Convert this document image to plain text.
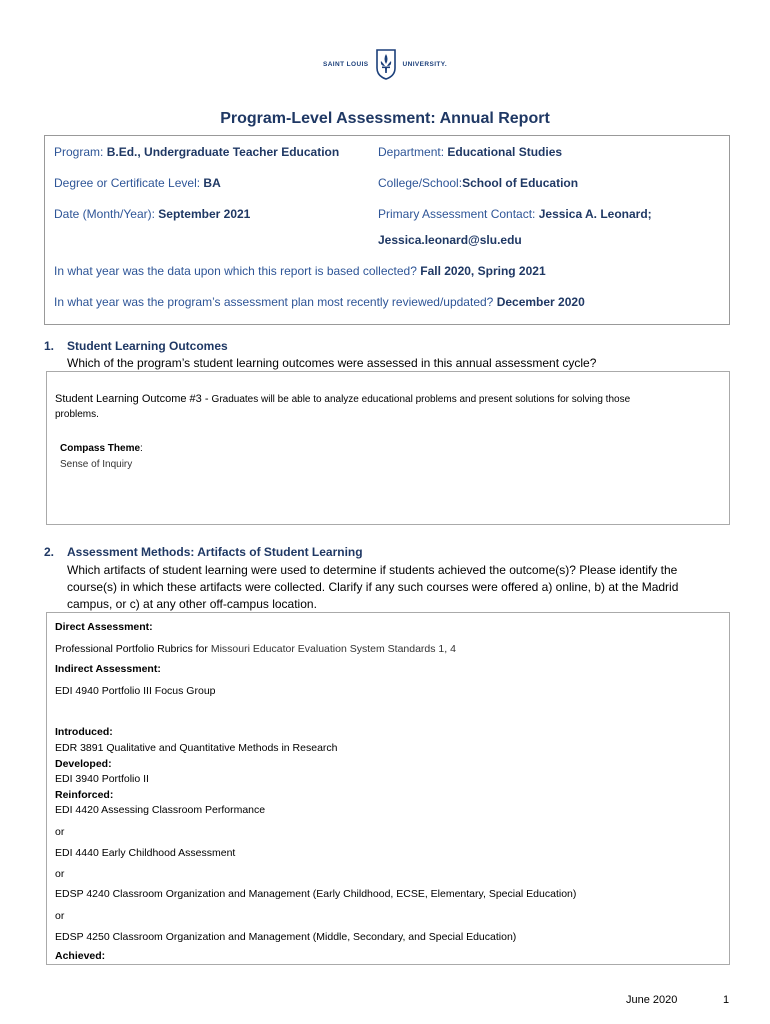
SAINT LOUIS	UNIVERSITY.
Program-Level Assessment: Annual Report
Program: B.Ed., Undergraduate Teacher Education	Department: Educational Studies
Degree or Certificate Level: BA	College/School:School of Education
Date (Month/Year): September 2021	Primary Assessment Contact: Jessica A. Leonard;
Jessica.leonard@slu.edu
In what year was the data upon which this report is based collected? Fall 2020, Spring 2021
In what year was the program’s assessment plan most recently reviewed/updated? December 2020
1. Student Learning Outcomes
Which of the program’s student learning outcomes were assessed in this annual assessment cycle?
Student Learning Outcome #3 - Graduates will be able to analyze educational problems and present solutions for solving those
problems.
Compass Theme:
Sense of Inquiry
2. Assessment Methods: Artifacts of Student Learning
Which artifacts of student learning were used to determine if students achieved the outcome(s)? Please identify the
course(s) in which these artifacts were collected. Clarify if any such courses were offered a) online, b) at the Madrid
campus, or c) at any other off-campus location.
Direct Assessment:
Professional Portfolio Rubrics for Missouri Educator Evaluation System Standards 1, 4
Indirect Assessment:
EDI 4940 Portfolio III Focus Group
Introduced:
EDR 3891 Qualitative and Quantitative Methods in Research
Developed:
EDI 3940 Portfolio II
Reinforced:
EDI 4420 Assessing Classroom Performance
or
EDI 4440 Early Childhood Assessment
or
EDSP 4240 Classroom Organization and Management (Early Childhood, ECSE, Elementary, Special Education)
or
EDSP 4250 Classroom Organization and Management (Middle, Secondary, and Special Education)
Achieved:
June 2020	1
